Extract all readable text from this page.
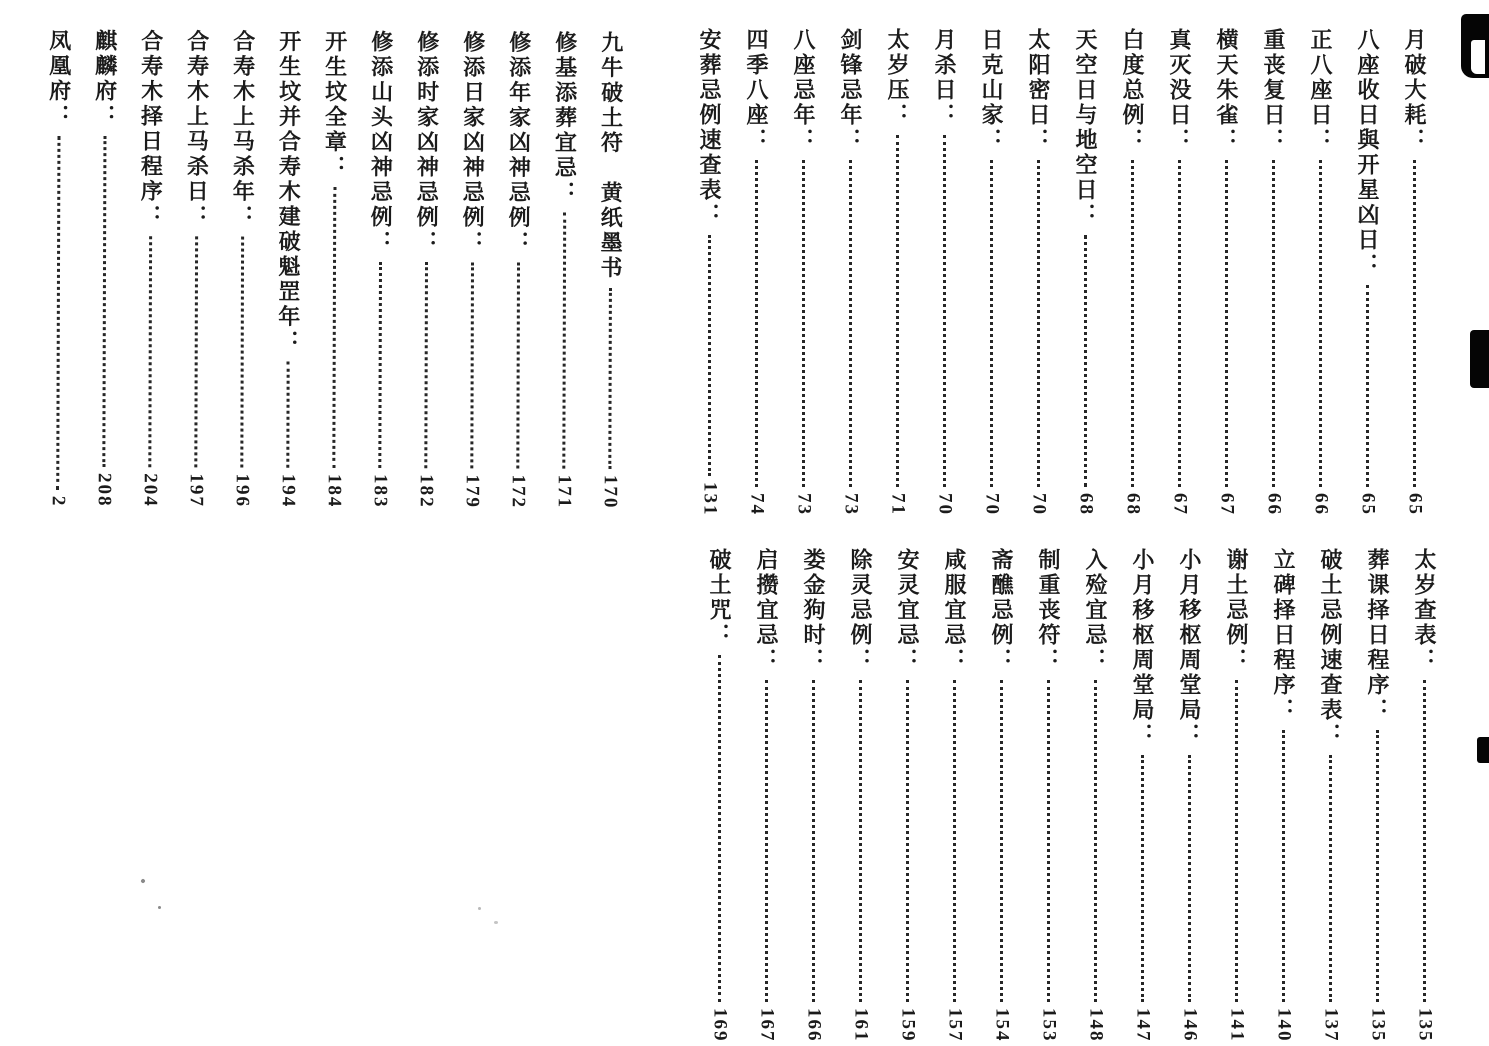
九牛破土符　黄纸墨书
170
修基添葬宜忌：
171
修添年家凶神忌例：
172
修添日家凶神忌例：
179
修添时家凶神忌例：
182
修添山头凶神忌例：
183
开生坟全章：
184
开生坟并合寿木建破魁罡年：
194
合寿木上马杀年：
196
合寿木上马杀日：
197
合寿木择日程序：
204
麒麟府：
208
凤凰府：
2
月破大耗：
65
八座收日與开星凶日：
65
正八座日：
66
重丧复日：
66
横天朱雀：
67
真灭没日：
67
白度总例：
68
天空日与地空日：
68
太阳密日：
70
日克山家：
70
月杀日：
70
太岁压：
71
剑锋忌年：
73
八座忌年：
73
四季八座：
74
安葬忌例速查表：
131
太岁查表：
135
葬课择日程序：
135
破土忌例速查表：
137
立碑择日程序：
140
谢土忌例：
141
小月移枢周堂局：
146
小月移枢周堂局：
147
入殓宜忌：
148
制重丧符：
153
斋醮忌例：
154
咸服宜忌：
157
安灵宜忌：
159
除灵忌例：
161
娄金狗时：
166
启攒宜忌：
167
破土咒：
169
